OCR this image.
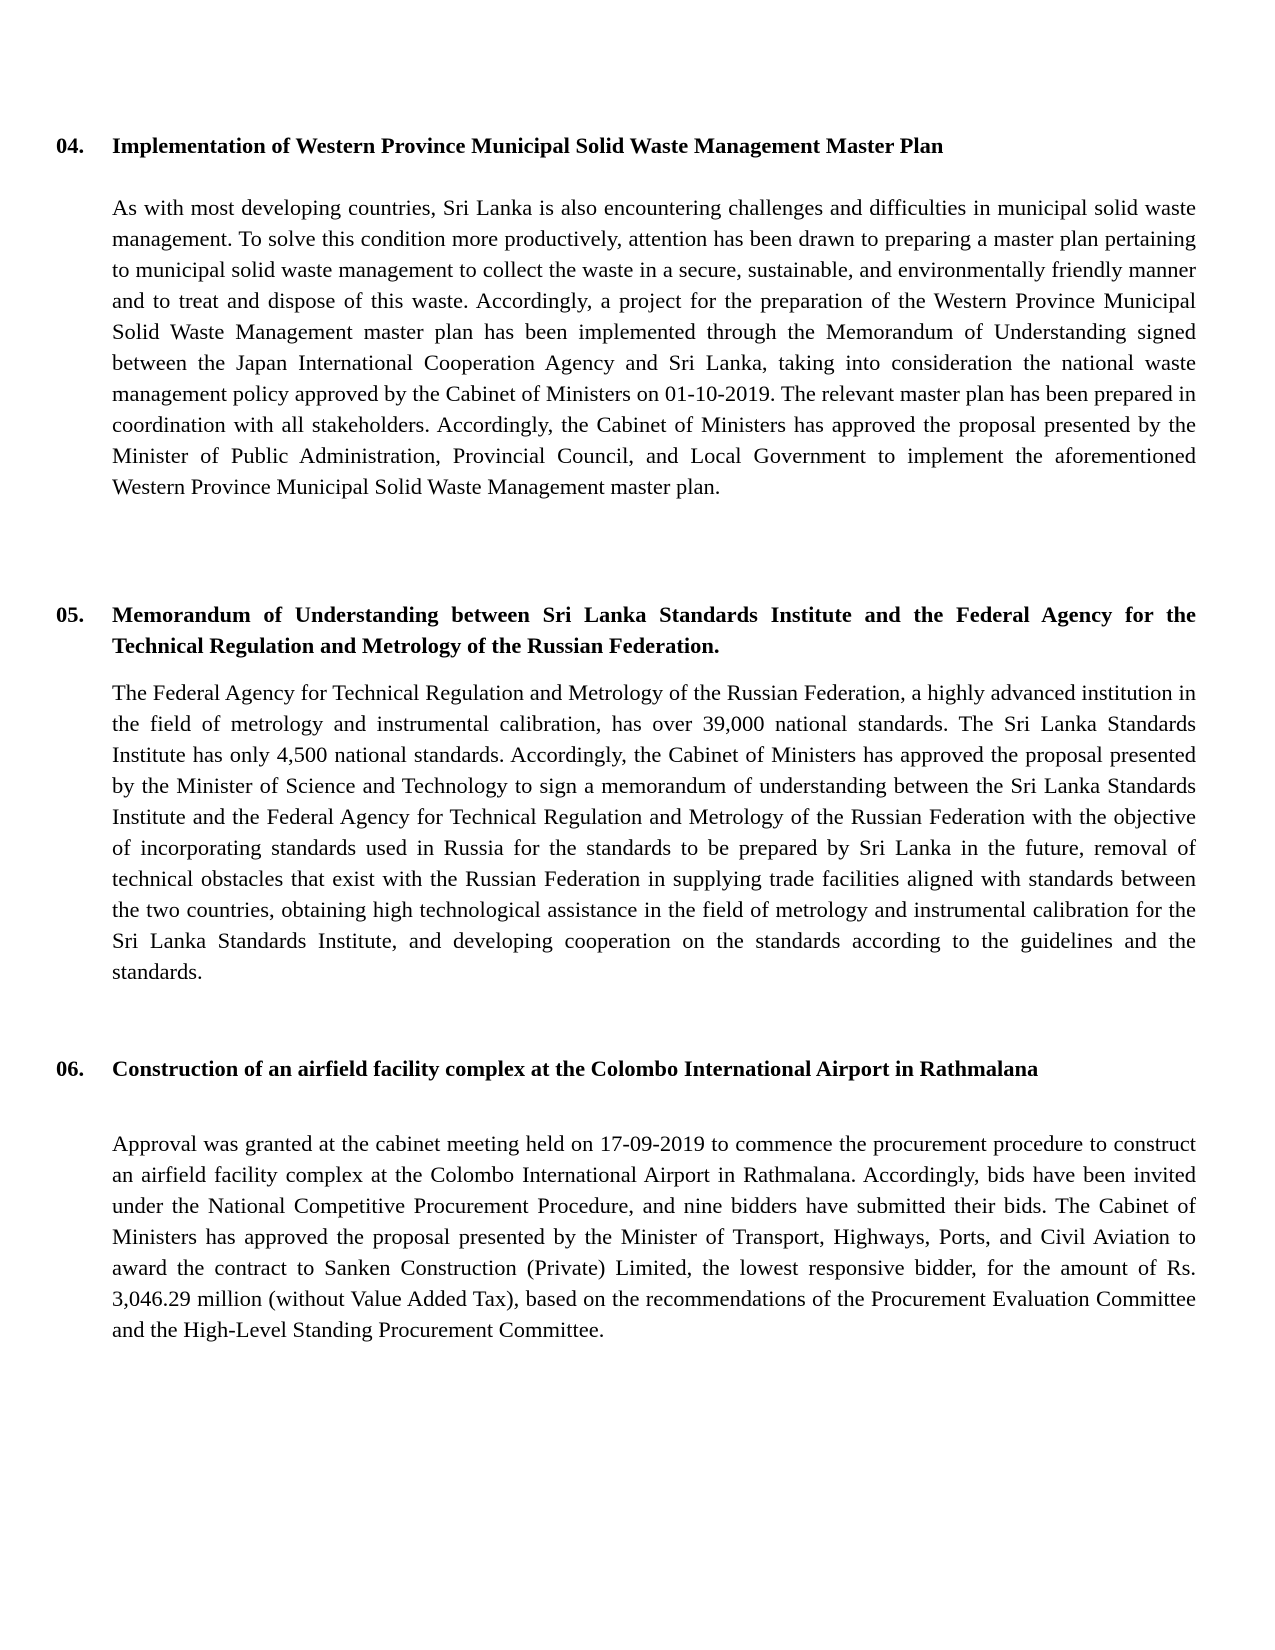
04.	Implementation of Western Province Municipal Solid Waste Management Master Plan
As with most developing countries, Sri Lanka is also encountering challenges and difficulties in municipal solid waste management. To solve this condition more productively, attention has been drawn to preparing a master plan pertaining to municipal solid waste management to collect the waste in a secure, sustainable, and environmentally friendly manner and to treat and dispose of this waste. Accordingly, a project for the preparation of the Western Province Municipal Solid Waste Management master plan has been implemented through the Memorandum of Understanding signed between the Japan International Cooperation Agency and Sri Lanka, taking into consideration the national waste management policy approved by the Cabinet of Ministers on 01-10-2019. The relevant master plan has been prepared in coordination with all stakeholders. Accordingly, the Cabinet of Ministers has approved the proposal presented by the Minister of Public Administration, Provincial Council, and Local Government to implement the aforementioned Western Province Municipal Solid Waste Management master plan.
05.	Memorandum of Understanding between Sri Lanka Standards Institute and the Federal Agency for the Technical Regulation and Metrology of the Russian Federation.
The Federal Agency for Technical Regulation and Metrology of the Russian Federation, a highly advanced institution in the field of metrology and instrumental calibration, has over 39,000 national standards. The Sri Lanka Standards Institute has only 4,500 national standards. Accordingly, the Cabinet of Ministers has approved the proposal presented by the Minister of Science and Technology to sign a memorandum of understanding between the Sri Lanka Standards Institute and the Federal Agency for Technical Regulation and Metrology of the Russian Federation with the objective of incorporating standards used in Russia for the standards to be prepared by Sri Lanka in the future, removal of technical obstacles that exist with the Russian Federation in supplying trade facilities aligned with standards between the two countries, obtaining high technological assistance in the field of metrology and instrumental calibration for the Sri Lanka Standards Institute, and developing cooperation on the standards according to the guidelines and the standards.
06.	Construction of an airfield facility complex at the Colombo International Airport in Rathmalana
Approval was granted at the cabinet meeting held on 17-09-2019 to commence the procurement procedure to construct an airfield facility complex at the Colombo International Airport in Rathmalana. Accordingly, bids have been invited under the National Competitive Procurement Procedure, and nine bidders have submitted their bids. The Cabinet of Ministers has approved the proposal presented by the Minister of Transport, Highways, Ports, and Civil Aviation to award the contract to Sanken Construction (Private) Limited, the lowest responsive bidder, for the amount of Rs. 3,046.29 million (without Value Added Tax), based on the recommendations of the Procurement Evaluation Committee and the High-Level Standing Procurement Committee.
